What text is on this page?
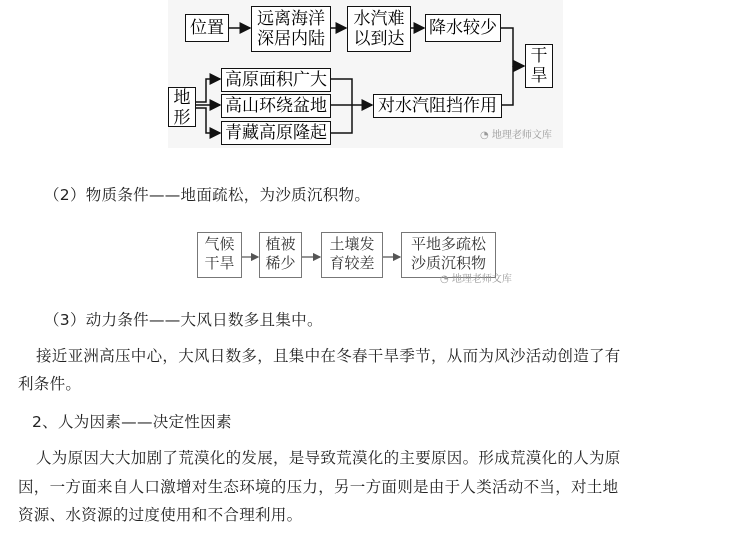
位置 远离海洋
深居内陆
水汽难
以到达
降水较少
干
旱
地
形
高原面积广大
高山环绕盆地
青藏高原隆起
对水汽阻挡作用
◔ 地理老师文库
（2）物质条件——地面疏松，为沙质沉积物。
气候
干旱
植被
稀少
土壤发
育较差
平地多疏松
沙质沉积物
◔ 地理老师文库
（3）动力条件——大风日数多且集中。
接近亚洲高压中心，大风日数多，且集中在冬春干旱季节，从而为风沙活动创造了有
利条件。
2、人为因素——决定性因素
人为原因大大加剧了荒漠化的发展，是导致荒漠化的主要原因。形成荒漠化的人为原
因，一方面来自人口激增对生态环境的压力，另一方面则是由于人类活动不当，对土地
资源、水资源的过度使用和不合理利用。
